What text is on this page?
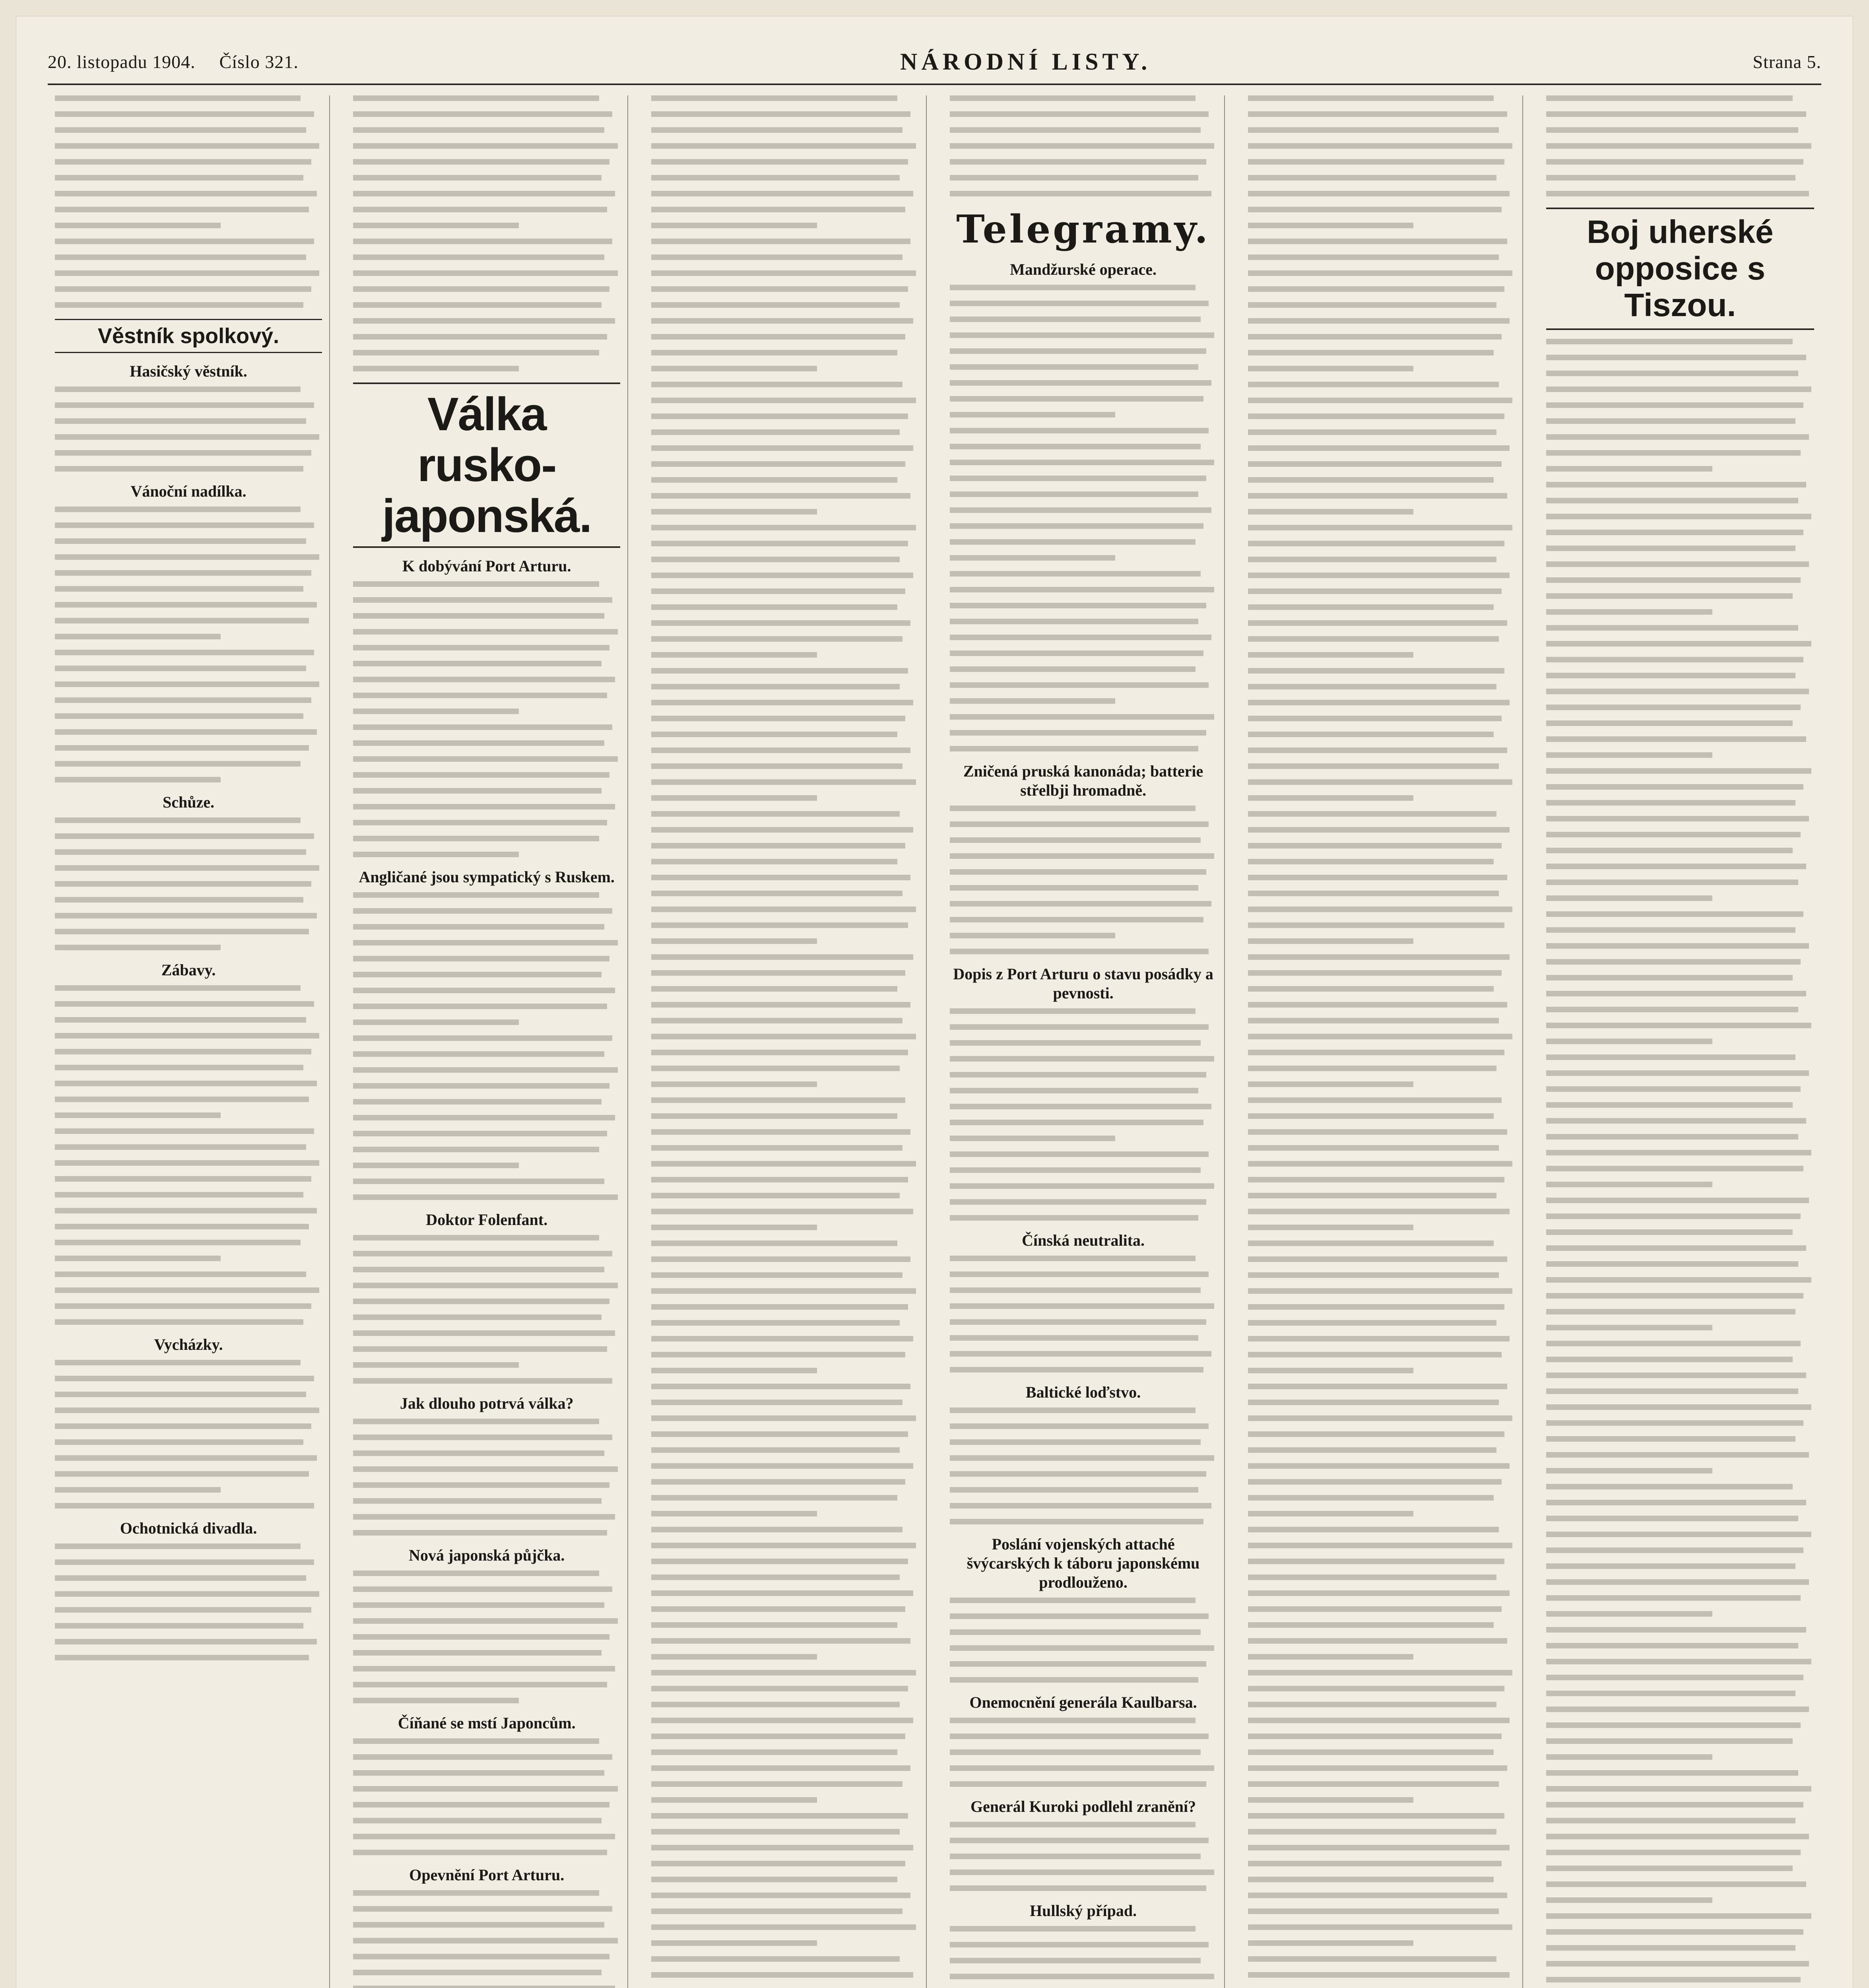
20. listopadu 1904. Číslo 321.	NÁRODNÍ LISTY.	Strana 5.
Věstník spolkový.
Hasičský věstník.
Vánoční nadílka.
Schůze.
Zábavy.
Vycházky.
Ochotnická divadla.
Válka rusko-japonská.
K dobývání Port Arturu.
Angličané jsou sympatický s Ruskem.
Doktor Folenfant.
Jak dlouho potrvá válka?
Nová japonská půjčka.
Číňané se mstí Japoncům.
Opevnění Port Arturu.
Telegramy.
Mandžurské operace.
Zničená pruská kanonáda; batterie střelbji hromadně.
Dopis z Port Arturu o stavu posádky a pevnosti.
Čínská neutralita.
Baltické loďstvo.
Poslání vojenských attaché švýcarských k táboru japonskému prodlouženo.
Onemocnění generála Kaulbarsa.
Generál Kuroki podlehl zranění?
Hullský případ.
Boj uherské opposice s Tiszou.
